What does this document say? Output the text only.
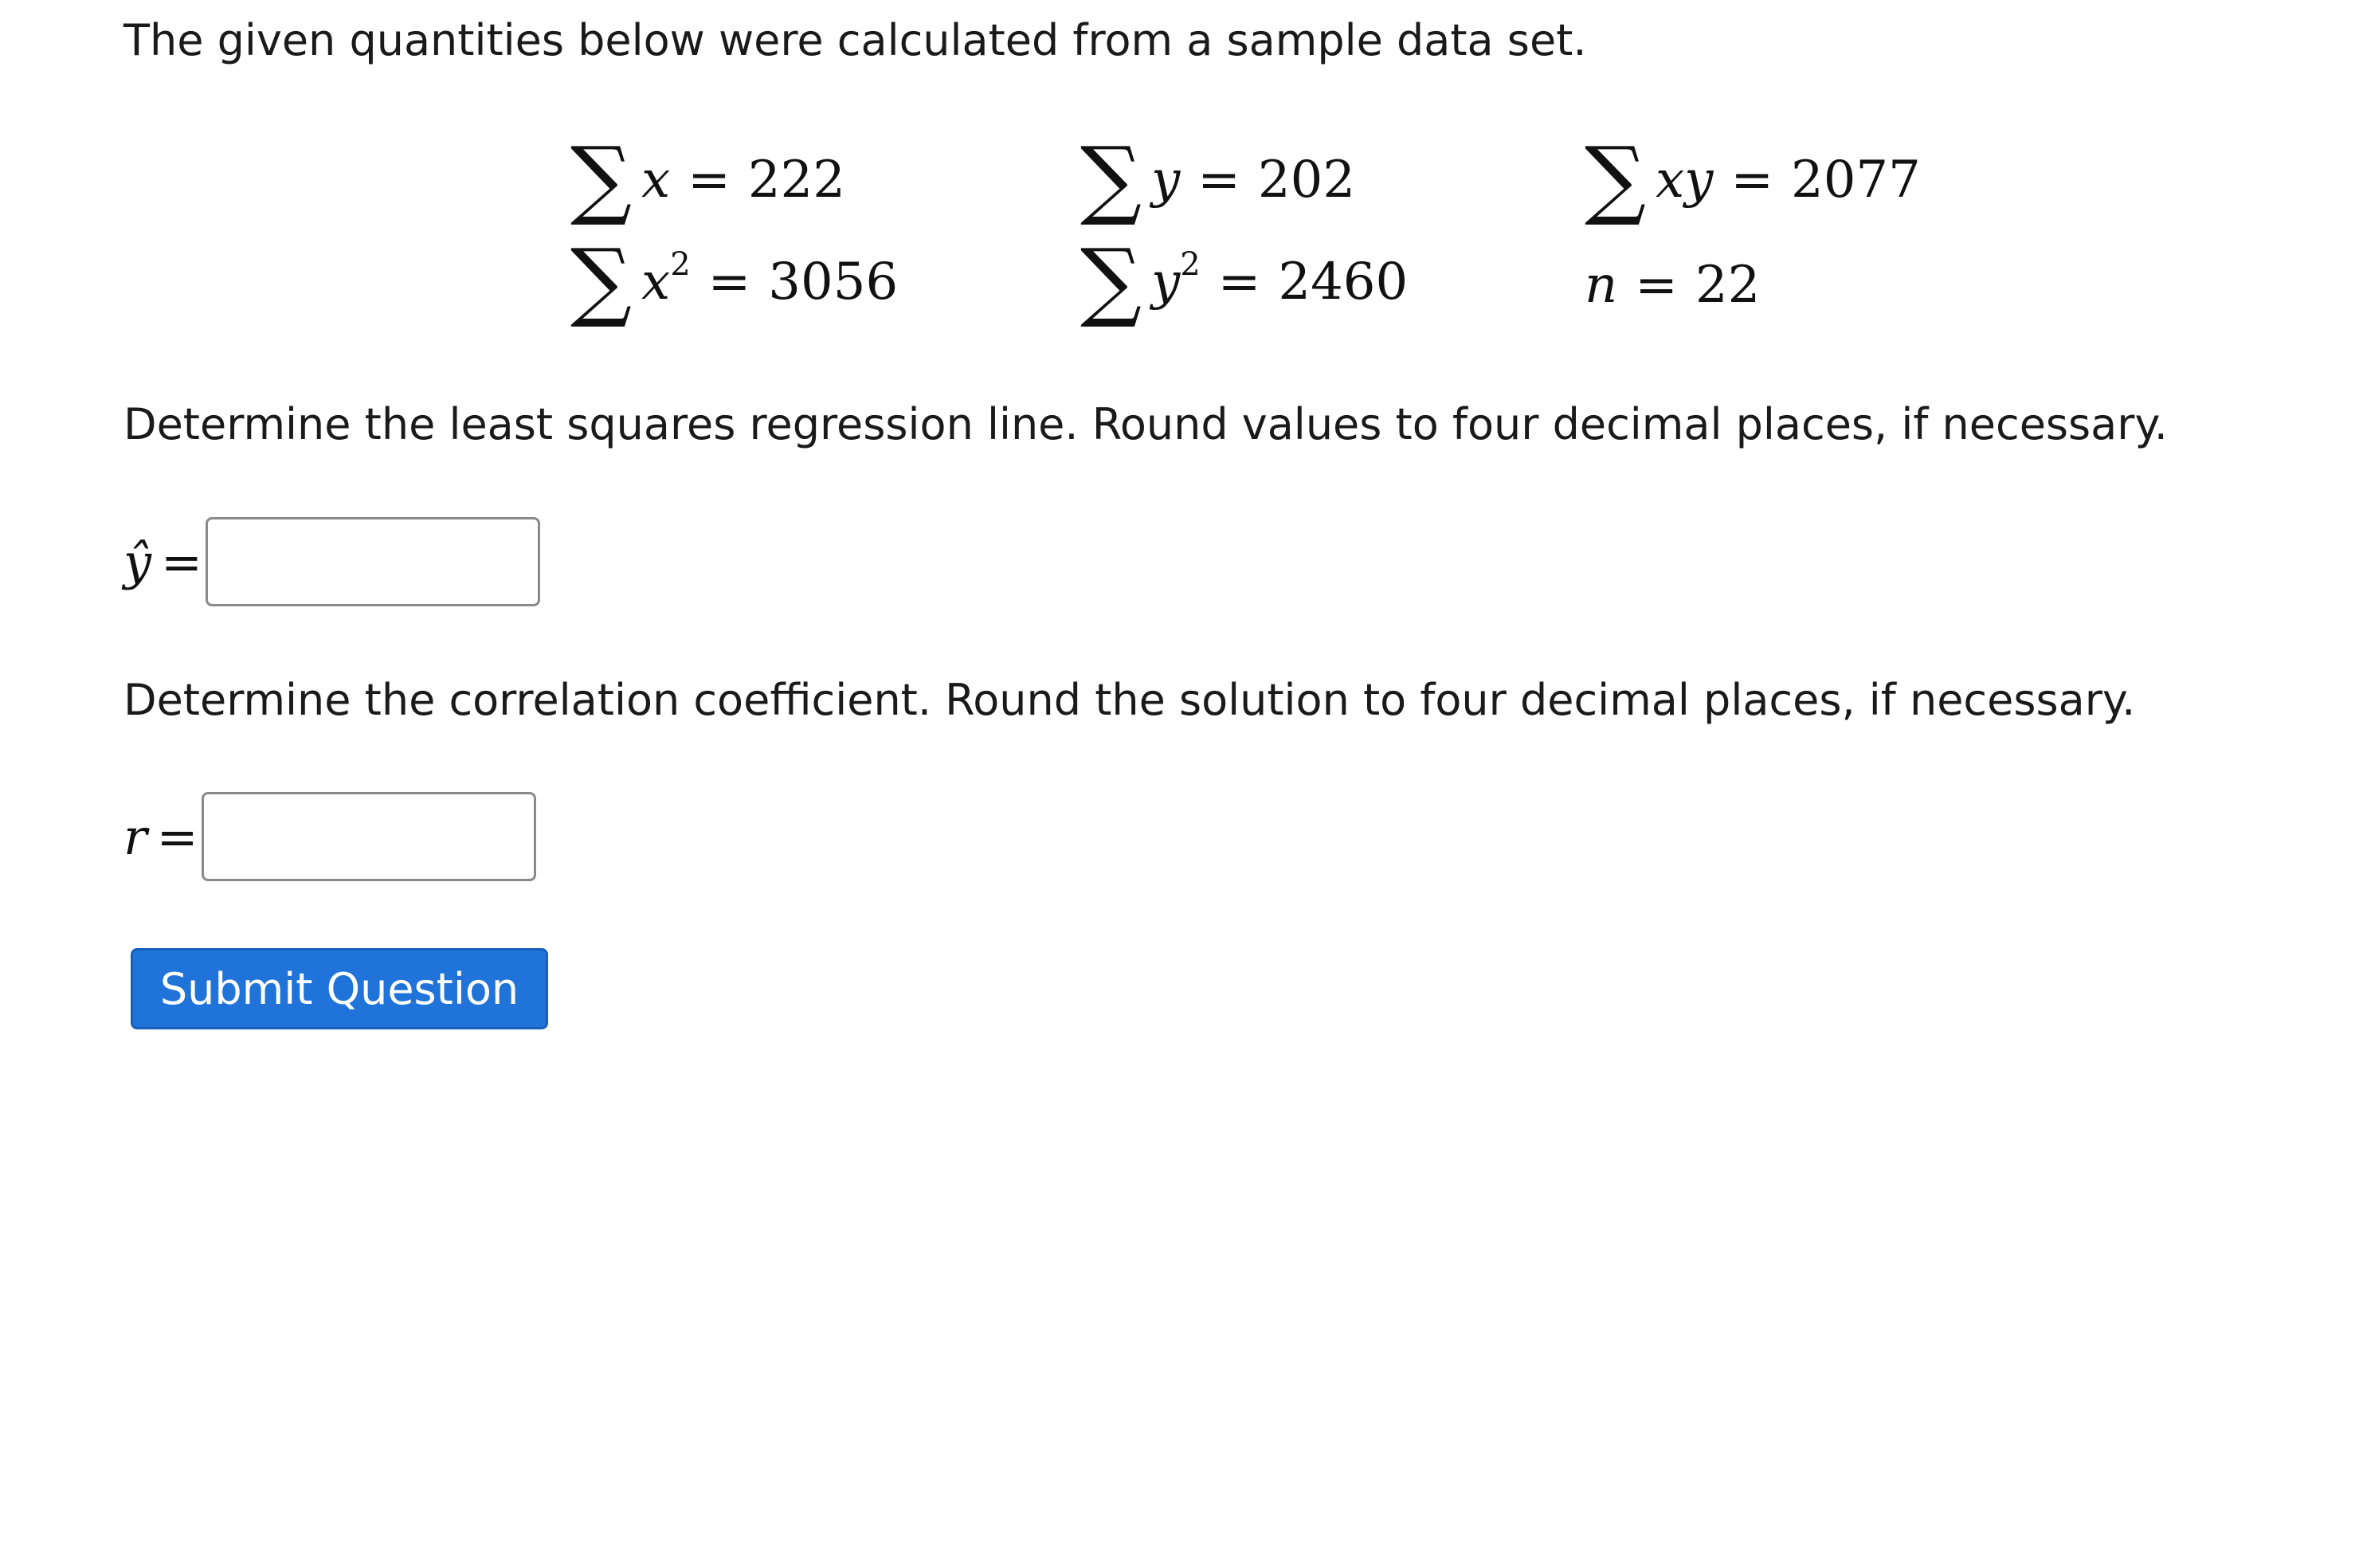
The given quantities below were calculated from a sample data set.

∑ x = 222
∑ $x^2 = 3056$
∑ y = 202
∑ $y^2 = 2460$
∑ xy = 2077
n = 22

Determine the least squares regression line. Round values to four decimal places, if necessary.

ŷ =

Determine the correlation coefficient. Round the solution to four decimal places, if necessary.

r =
Submit Question
